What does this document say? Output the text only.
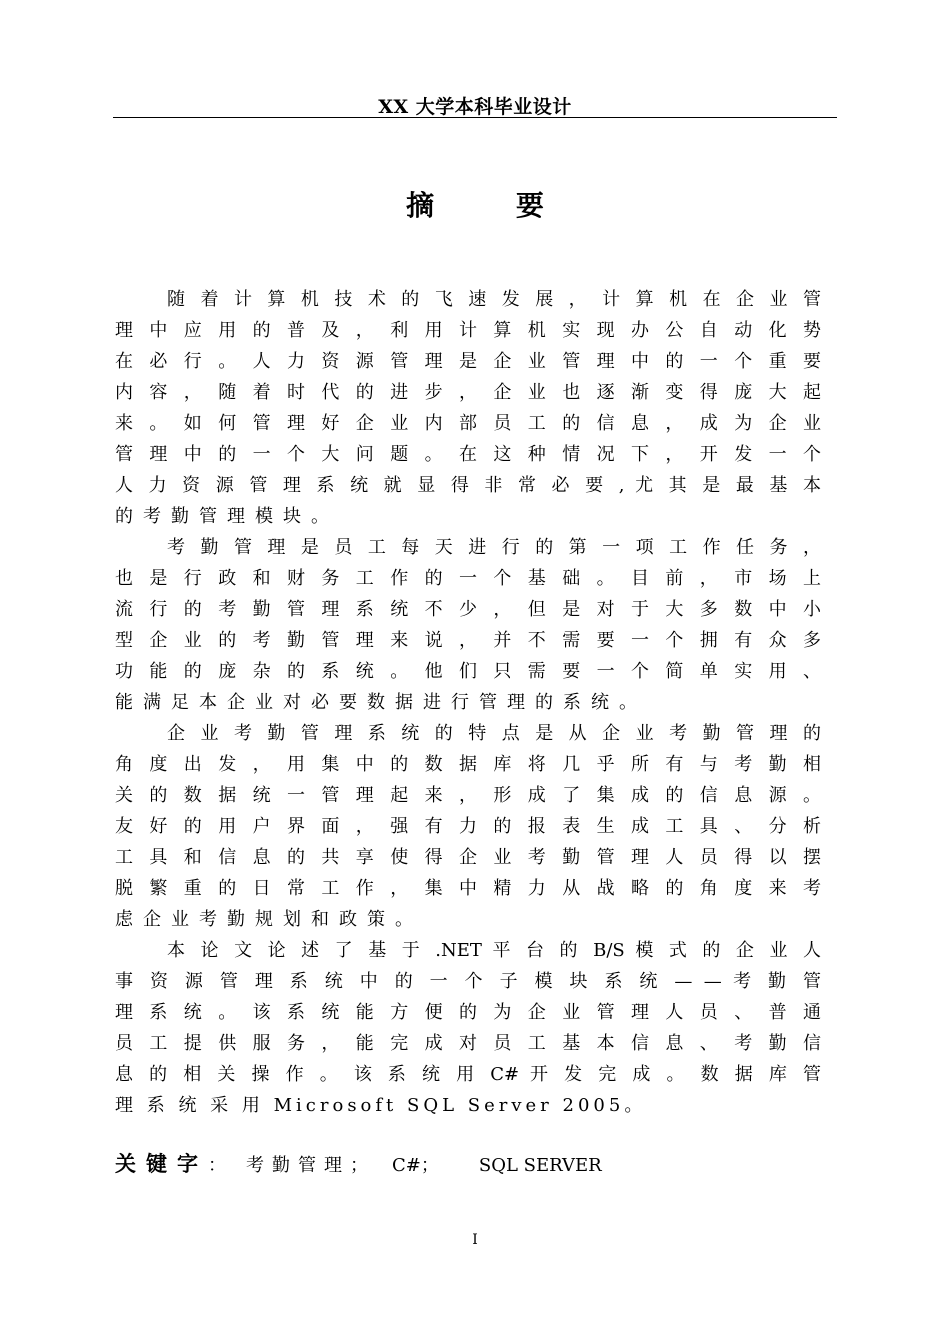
XX 大学本科毕业设计
摘 要
随 着 计 算 机 技 术 的 飞 速 发 展 ， 计 算 机 在 企 业 管
理 中 应 用 的 普 及 ， 利 用 计 算 机 实 现 办 公 自 动 化 势
在 必 行 。 人 力 资 源 管 理 是 企 业 管 理 中 的 一 个 重 要
内 容 ， 随 着 时 代 的 进 步 ， 企 业 也 逐 渐 变 得 庞 大 起
来 。 如 何 管 理 好 企 业 内 部 员 工 的 信 息 ， 成 为 企 业
管 理 中 的 一 个 大 问 题 。 在 这 种 情 况 下 ， 开 发 一 个
人 力 资 源 管 理 系 统 就 显 得 非 常 必 要 , 尤 其 是 最 基 本
的考勤管理模块。
考 勤 管 理 是 员 工 每 天 进 行 的 第 一 项 工 作 任 务 ，
也 是 行 政 和 财 务 工 作 的 一 个 基 础 。 目 前 ， 市 场 上
流 行 的 考 勤 管 理 系 统 不 少 ， 但 是 对 于 大 多 数 中 小
型 企 业 的 考 勤 管 理 来 说 ， 并 不 需 要 一 个 拥 有 众 多
功 能 的 庞 杂 的 系 统 。 他 们 只 需 要 一 个 简 单 实 用 、
能满足本企业对必要数据进行管理的系统。
企 业 考 勤 管 理 系 统 的 特 点 是 从 企 业 考 勤 管 理 的
角 度 出 发 ， 用 集 中 的 数 据 库 将 几 乎 所 有 与 考 勤 相
关 的 数 据 统 一 管 理 起 来 ， 形 成 了 集 成 的 信 息 源 。
友 好 的 用 户 界 面 ， 强 有 力 的 报 表 生 成 工 具 、 分 析
工 具 和 信 息 的 共 享 使 得 企 业 考 勤 管 理 人 员 得 以 摆
脱 繁 重 的 日 常 工 作 ， 集 中 精 力 从 战 略 的 角 度 来 考
虑企业考勤规划和政策。
本 论 文 论 述 了 基 于 .NET 平 台 的 B/S 模 式 的 企 业 人
事 资 源 管 理 系 统 中 的 一 个 子 模 块 系 统 — — 考 勤 管
理 系 统 。 该 系 统 能 方 便 的 为 企 业 管 理 人 员 、 普 通
员 工 提 供 服 务 ， 能 完 成 对 员 工 基 本 信 息 、 考 勤 信
息 的 相 关 操 作 。 该 系 统 用 C# 开 发 完 成 。 数 据 库 管
理 系 统 采 用 Microsoft SQL Server 2005。
关键字： 考勤管理； C#； SQL SERVER
I
